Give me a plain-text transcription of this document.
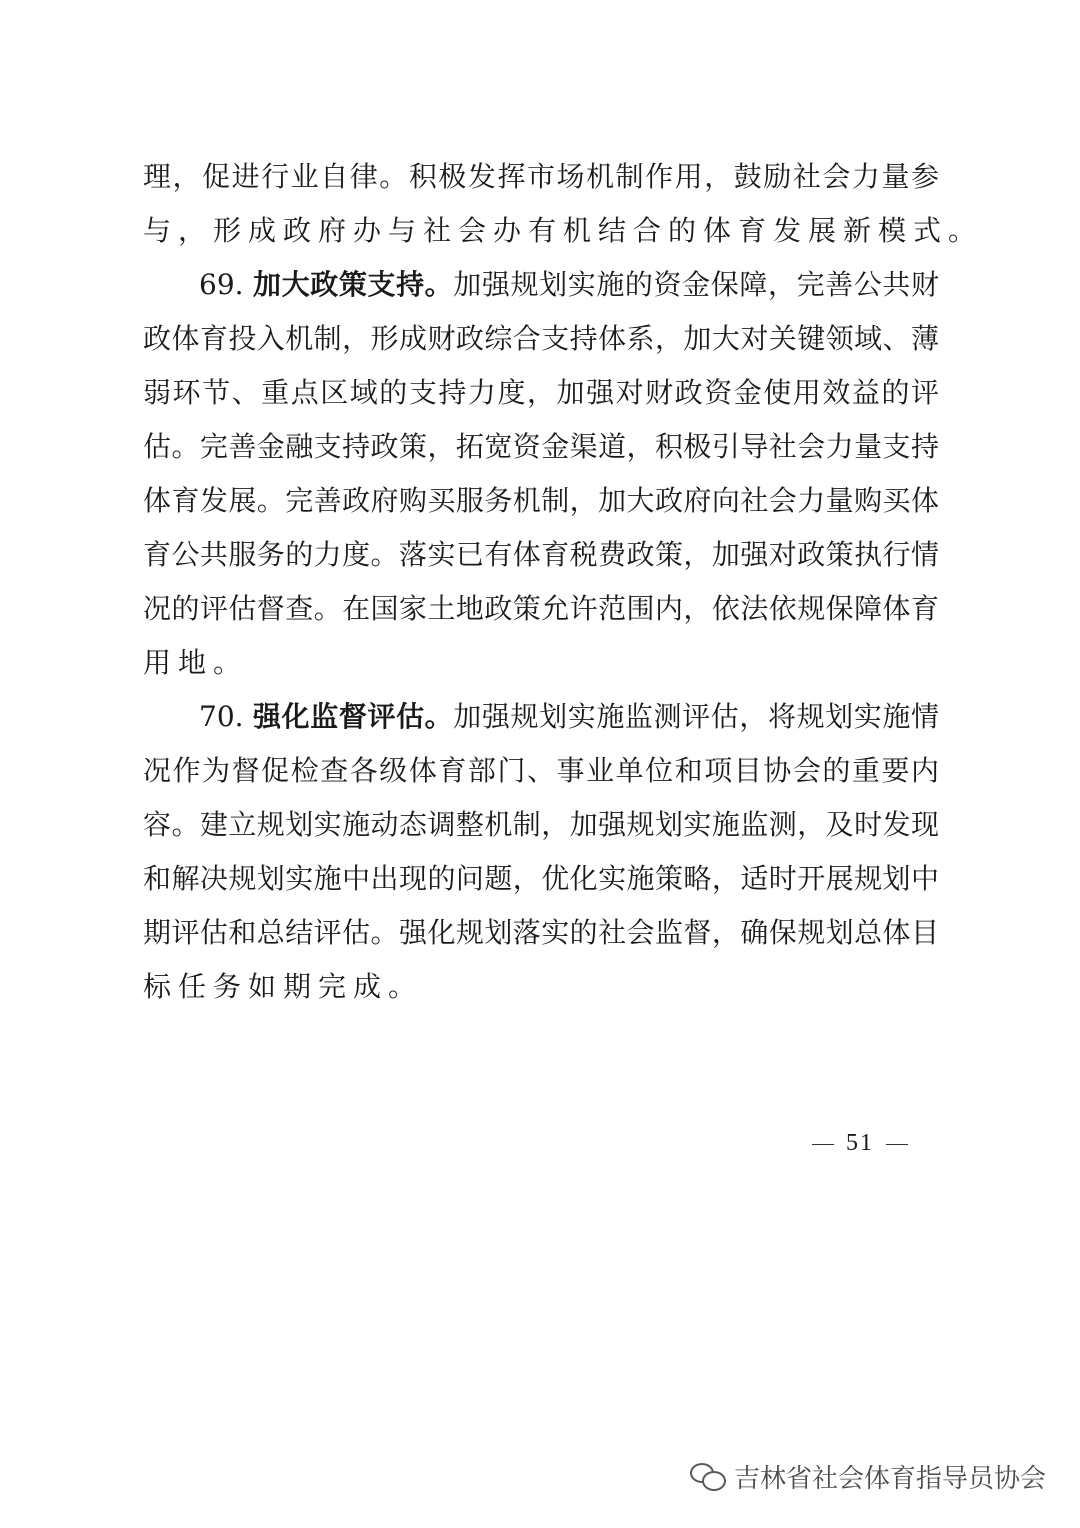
理，促进行业自律。积极发挥市场机制作用，鼓励社会力量参
与，形成政府办与社会办有机结合的体育发展新模式。
69. 加大政策支持。加强规划实施的资金保障，完善公共财
政体育投入机制，形成财政综合支持体系，加大对关键领域、薄
弱环节、重点区域的支持力度，加强对财政资金使用效益的评
估。完善金融支持政策，拓宽资金渠道，积极引导社会力量支持
体育发展。完善政府购买服务机制，加大政府向社会力量购买体
育公共服务的力度。落实已有体育税费政策，加强对政策执行情
况的评估督查。在国家土地政策允许范围内，依法依规保障体育
用地。
70. 强化监督评估。加强规划实施监测评估，将规划实施情
况作为督促检查各级体育部门、事业单位和项目协会的重要内
容。建立规划实施动态调整机制，加强规划实施监测，及时发现
和解决规划实施中出现的问题，优化实施策略，适时开展规划中
期评估和总结评估。强化规划落实的社会监督，确保规划总体目
标任务如期完成。
51
吉林省社会体育指导员协会
